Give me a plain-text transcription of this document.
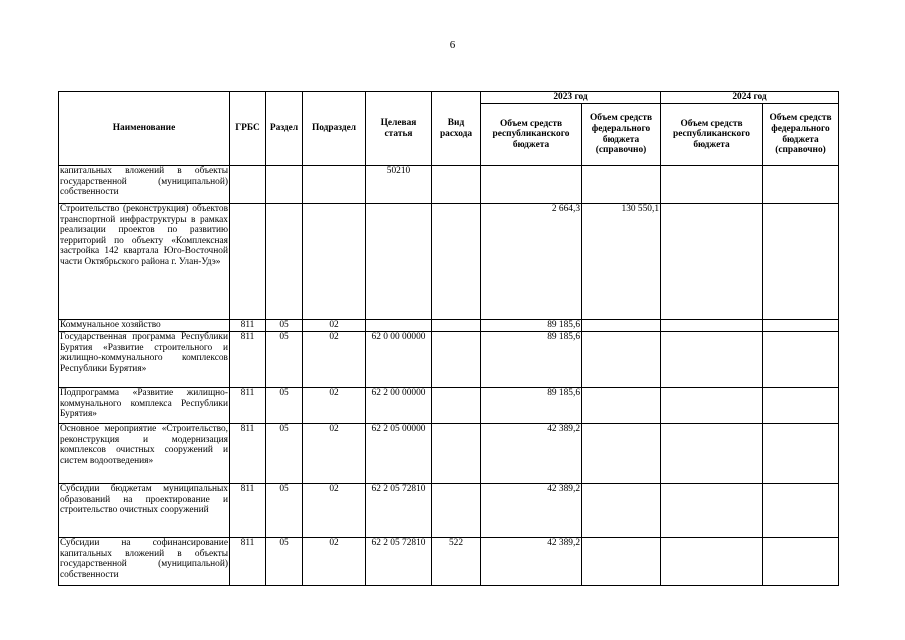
6
Наименование	ГРБС	Раздел	Подраздел	Целевая статья	Вид расхода	2023 год		2024 год	
						Объем средств республиканского бюджета	Объем средств федерального бюджета (справочно)	Объем средств республиканского бюджета	Объем средств федерального бюджета (справочно)
капитальных вложений в объекты государственной (муниципальной) собственности				50210					
Строительство (реконструкция) объектов транспортной инфраструктуры в рамках реализации проектов по развитию территорий по объекту «Комплексная застройка 142 квартала Юго-Восточной части Октябрьского района г. Улан-Удэ»						2 664,3	130 550,1		
Коммунальное хозяйство	811	05	02			89 185,6			
Государственная программа Республики Бурятия «Развитие строительного и жилищно-коммунального комплексов Республики Бурятия»	811	05	02	62 0 00 00000		89 185,6			
Подпрограмма «Развитие жилищно-коммунального комплекса Республики Бурятия»	811	05	02	62 2 00 00000		89 185,6			
Основное мероприятие «Строительство, реконструкция и модернизация комплексов очистных сооружений и систем водоотведения»	811	05	02	62 2 05 00000		42 389,2			
Субсидии бюджетам муниципальных образований на проектирование и строительство очистных сооружений	811	05	02	62 2 05 72810		42 389,2			
Субсидии на софинансирование капитальных вложений в объекты государственной (муниципальной) собственности	811	05	02	62 2 05 72810	522	42 389,2			
